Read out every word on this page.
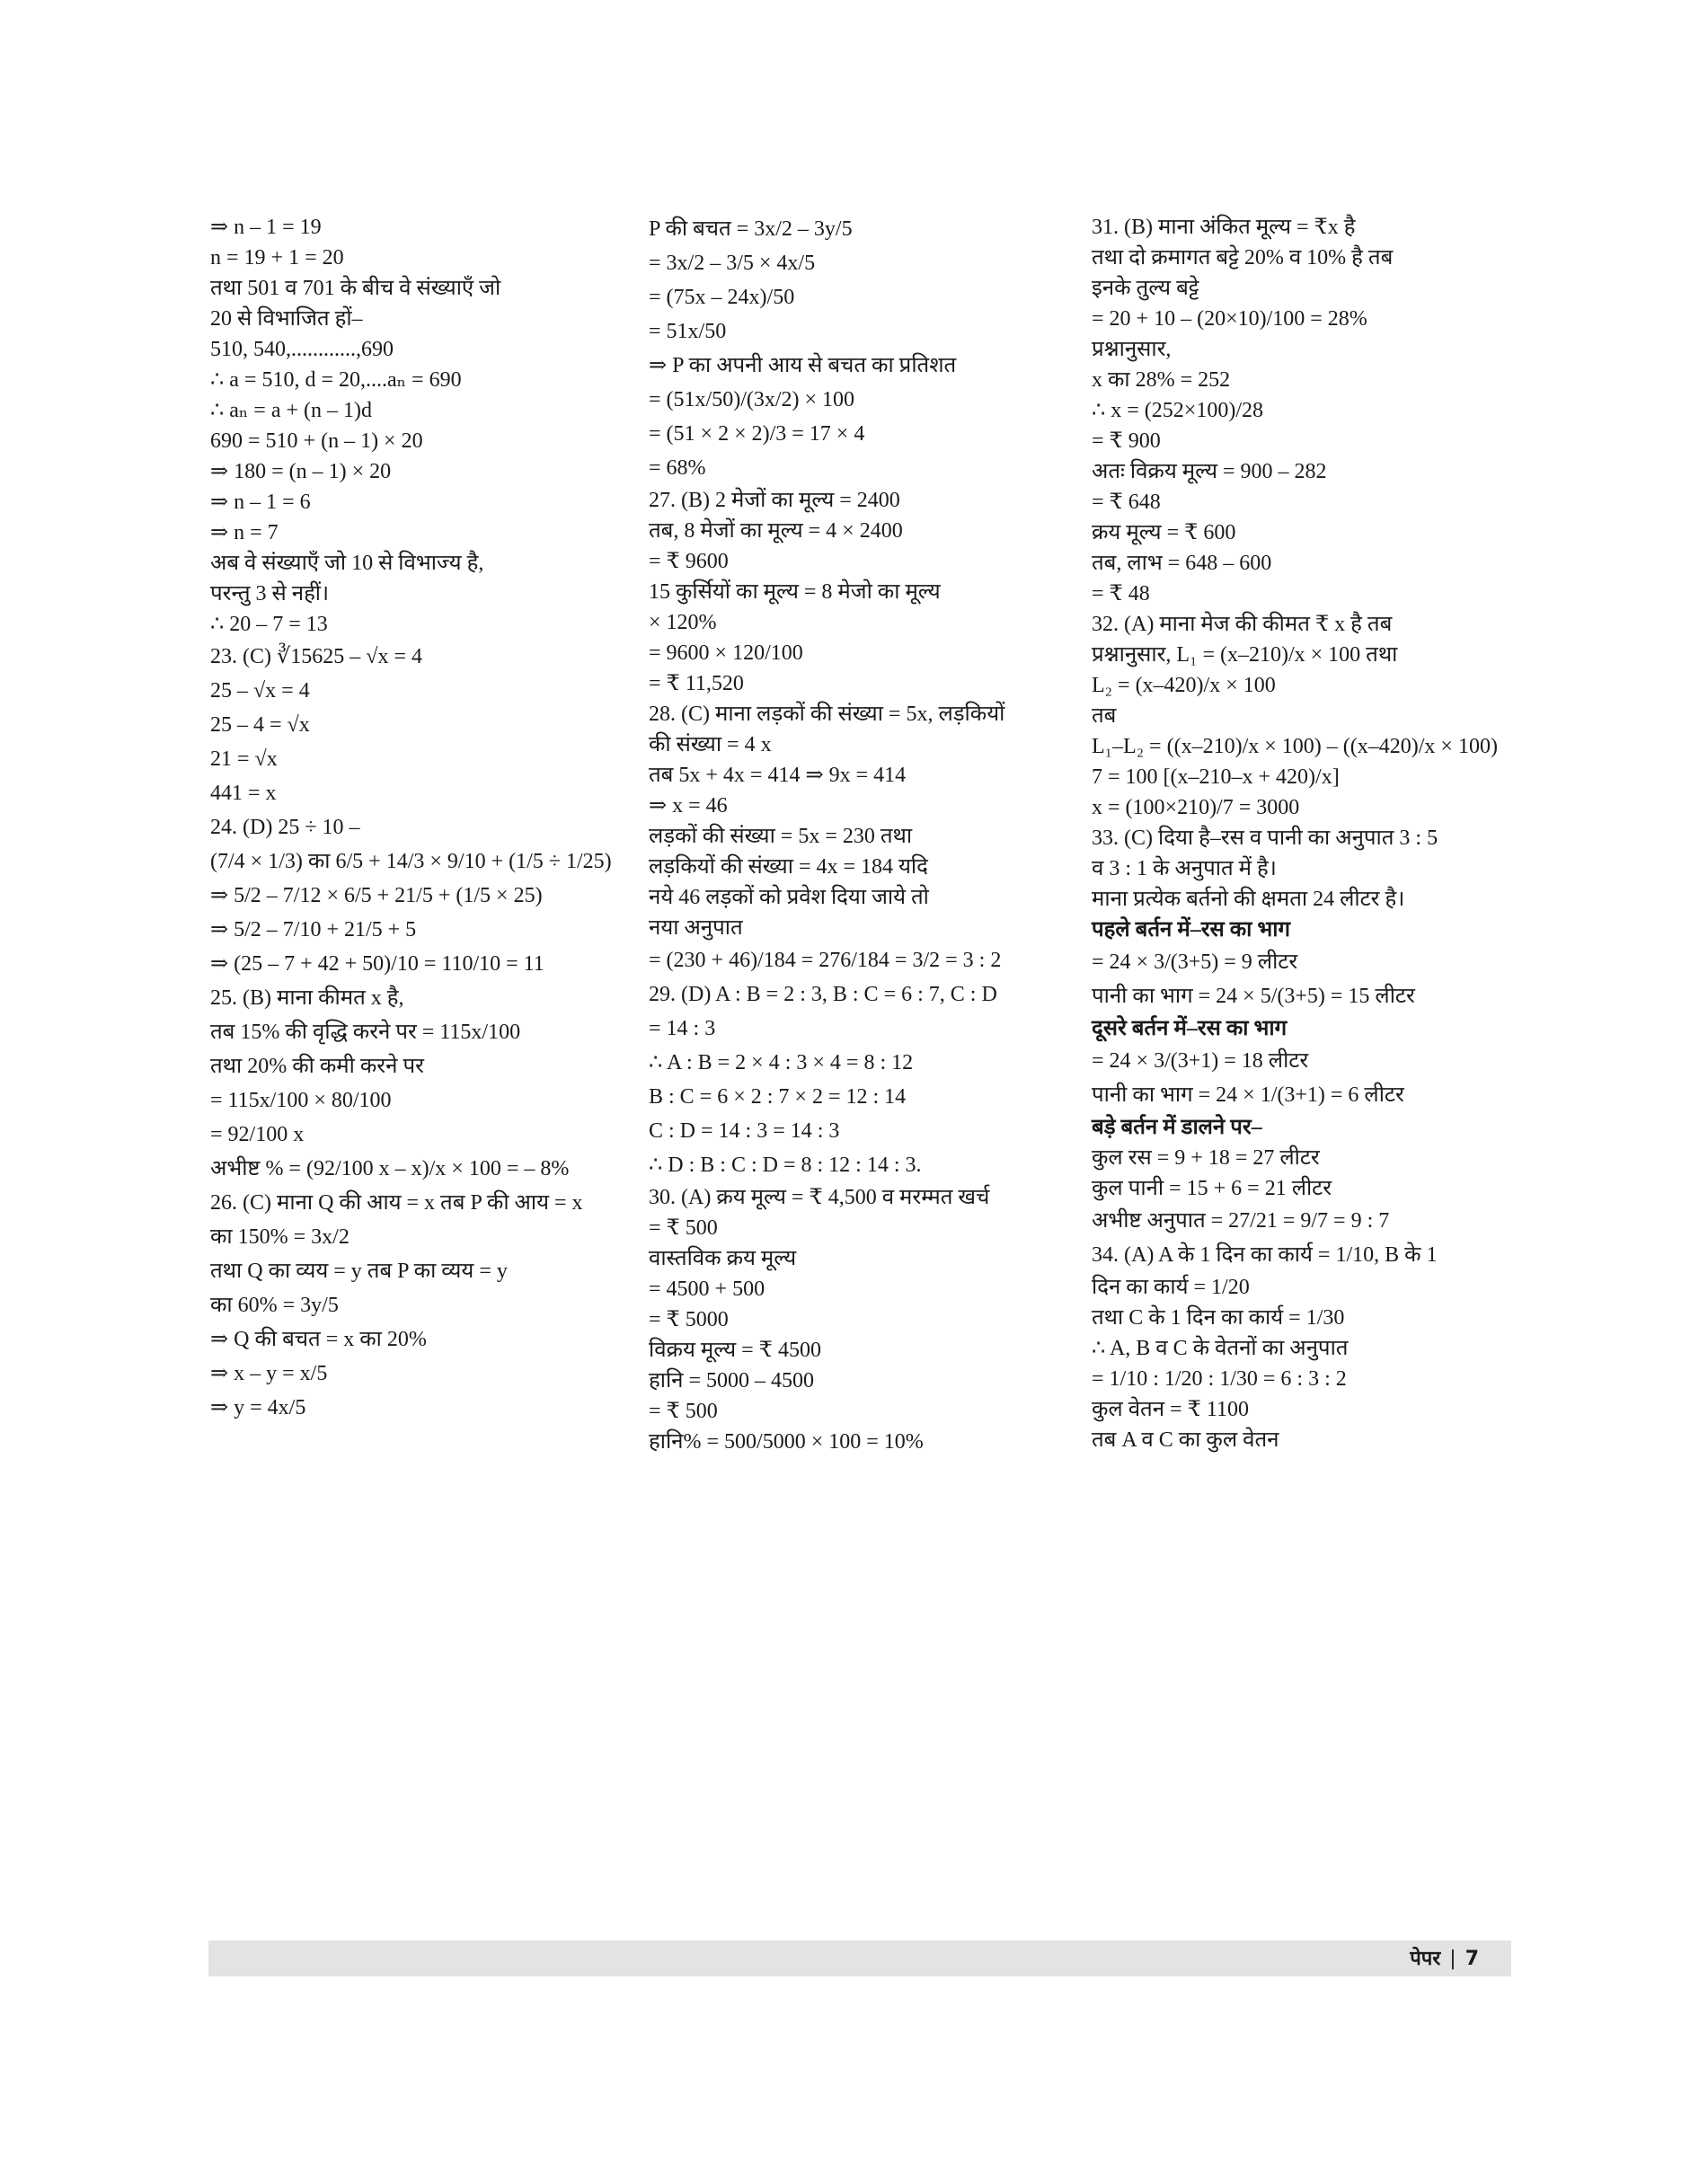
⇒ n – 1 = 19
n = 19 + 1 = 20
तथा 501 व 701 के बीच वे संख्याएँ जो
20 से विभाजित हों–
510, 540,............,690
∴ a = 510, d = 20,....aₙ = 690
∴ aₙ = a + (n – 1)d
690 = 510 + (n – 1) × 20
⇒ 180 = (n – 1) × 20
⇒ n – 1 = 6
⇒ n = 7
अब वे संख्याएँ जो 10 से विभाज्य है,
परन्तु 3 से नहीं।
∴ 20 – 7 = 13
23. (C) ∛15625 – √x = 4
25 – √x = 4
25 – 4 = √x
21 = √x
441 = x
24. (D) 25 ÷ 10 –
(7/4 × 1/3) का 6/5 + 14/3 × 9/10 + (1/5 ÷ 1/25)
⇒ 5/2 – 7/12 × 6/5 + 21/5 + (1/5 × 25)
⇒ 5/2 – 7/10 + 21/5 + 5
⇒ (25 – 7 + 42 + 50)/10 = 110/10 = 11
25. (B) माना कीमत x है,
तब 15% की वृद्धि करने पर = 115x/100
तथा 20% की कमी करने पर
= 115x/100 × 80/100
= 92/100 x
अभीष्ट % = (92/100 x – x)/x × 100 = – 8%
26. (C) माना Q की आय = x तब P की आय = x
का 150% = 3x/2
तथा Q का व्यय = y तब P का व्यय = y
का 60% = 3y/5
⇒ Q की बचत = x का 20%
⇒ x – y = x/5
⇒ y = 4x/5
P की बचत = 3x/2 – 3y/5
= 3x/2 – 3/5 × 4x/5
= (75x – 24x)/50
= 51x/50
⇒ P का अपनी आय से बचत का प्रतिशत
= (51x/50)/(3x/2) × 100
= (51 × 2 × 2)/3 = 17 × 4
= 68%
27. (B) 2 मेजों का मूल्य = 2400
तब, 8 मेजों का मूल्य = 4 × 2400
= ₹ 9600
15 कुर्सियों का मूल्य = 8 मेजो का मूल्य
× 120%
= 9600 × 120/100
= ₹ 11,520
28. (C) माना लड़कों की संख्या = 5x, लड़कियों
की संख्या = 4 x
तब 5x + 4x = 414 ⇒ 9x = 414
⇒ x = 46
लड़कों की संख्या = 5x = 230 तथा
लड़कियों की संख्या = 4x = 184 यदि
नये 46 लड़कों को प्रवेश दिया जाये तो
नया अनुपात
= (230 + 46)/184 = 276/184 = 3/2 = 3 : 2
29. (D) A : B = 2 : 3, B : C = 6 : 7, C : D
= 14 : 3
∴ A : B = 2 × 4 : 3 × 4 = 8 : 12
B : C = 6 × 2 : 7 × 2 = 12 : 14
C : D = 14 : 3 = 14 : 3
∴ D : B : C : D = 8 : 12 : 14 : 3.
30. (A) क्रय मूल्य = ₹ 4,500 व मरम्मत खर्च
= ₹ 500
वास्तविक क्रय मूल्य
= 4500 + 500
= ₹ 5000
विक्रय मूल्य = ₹ 4500
हानि = 5000 – 4500
= ₹ 500
हानि% = 500/5000 × 100 = 10%
31. (B) माना अंकित मूल्य = ₹x है
तथा दो क्रमागत बट्टे 20% व 10% है तब
इनके तुल्य बट्टे
= 20 + 10 – (20×10)/100 = 28%
प्रश्नानुसार,
x का 28% = 252
∴ x = (252×100)/28
= ₹ 900
अतः विक्रय मूल्य = 900 – 282
= ₹ 648
क्रय मूल्य = ₹ 600
तब, लाभ = 648 – 600
= ₹ 48
32. (A) माना मेज की कीमत ₹ x है तब
प्रश्नानुसार, L₁ = (x–210)/x × 100 तथा
L₂ = (x–420)/x × 100
तब
L₁–L₂ = ((x–210)/x × 100) – ((x–420)/x × 100)
7 = 100 [(x–210–x + 420)/x]
x = (100×210)/7 = 3000
33. (C) दिया है–रस व पानी का अनुपात 3 : 5
व 3 : 1 के अनुपात में है।
माना प्रत्येक बर्तनो की क्षमता 24 लीटर है।
पहले बर्तन में–रस का भाग
= 24 × 3/(3+5) = 9 लीटर
पानी का भाग = 24 × 5/(3+5) = 15 लीटर
दूसरे बर्तन में–रस का भाग
= 24 × 3/(3+1) = 18 लीटर
पानी का भाग = 24 × 1/(3+1) = 6 लीटर
बड़े बर्तन में डालने पर–
कुल रस = 9 + 18 = 27 लीटर
कुल पानी = 15 + 6 = 21 लीटर
अभीष्ट अनुपात = 27/21 = 9/7 = 9 : 7
34. (A) A के 1 दिन का कार्य = 1/10, B के 1
दिन का कार्य = 1/20
तथा C के 1 दिन का कार्य = 1/30
∴ A, B व C के वेतनों का अनुपात
= 1/10 : 1/20 : 1/30 = 6 : 3 : 2
कुल वेतन = ₹ 1100
तब A व C का कुल वेतन
पेपर | 7
